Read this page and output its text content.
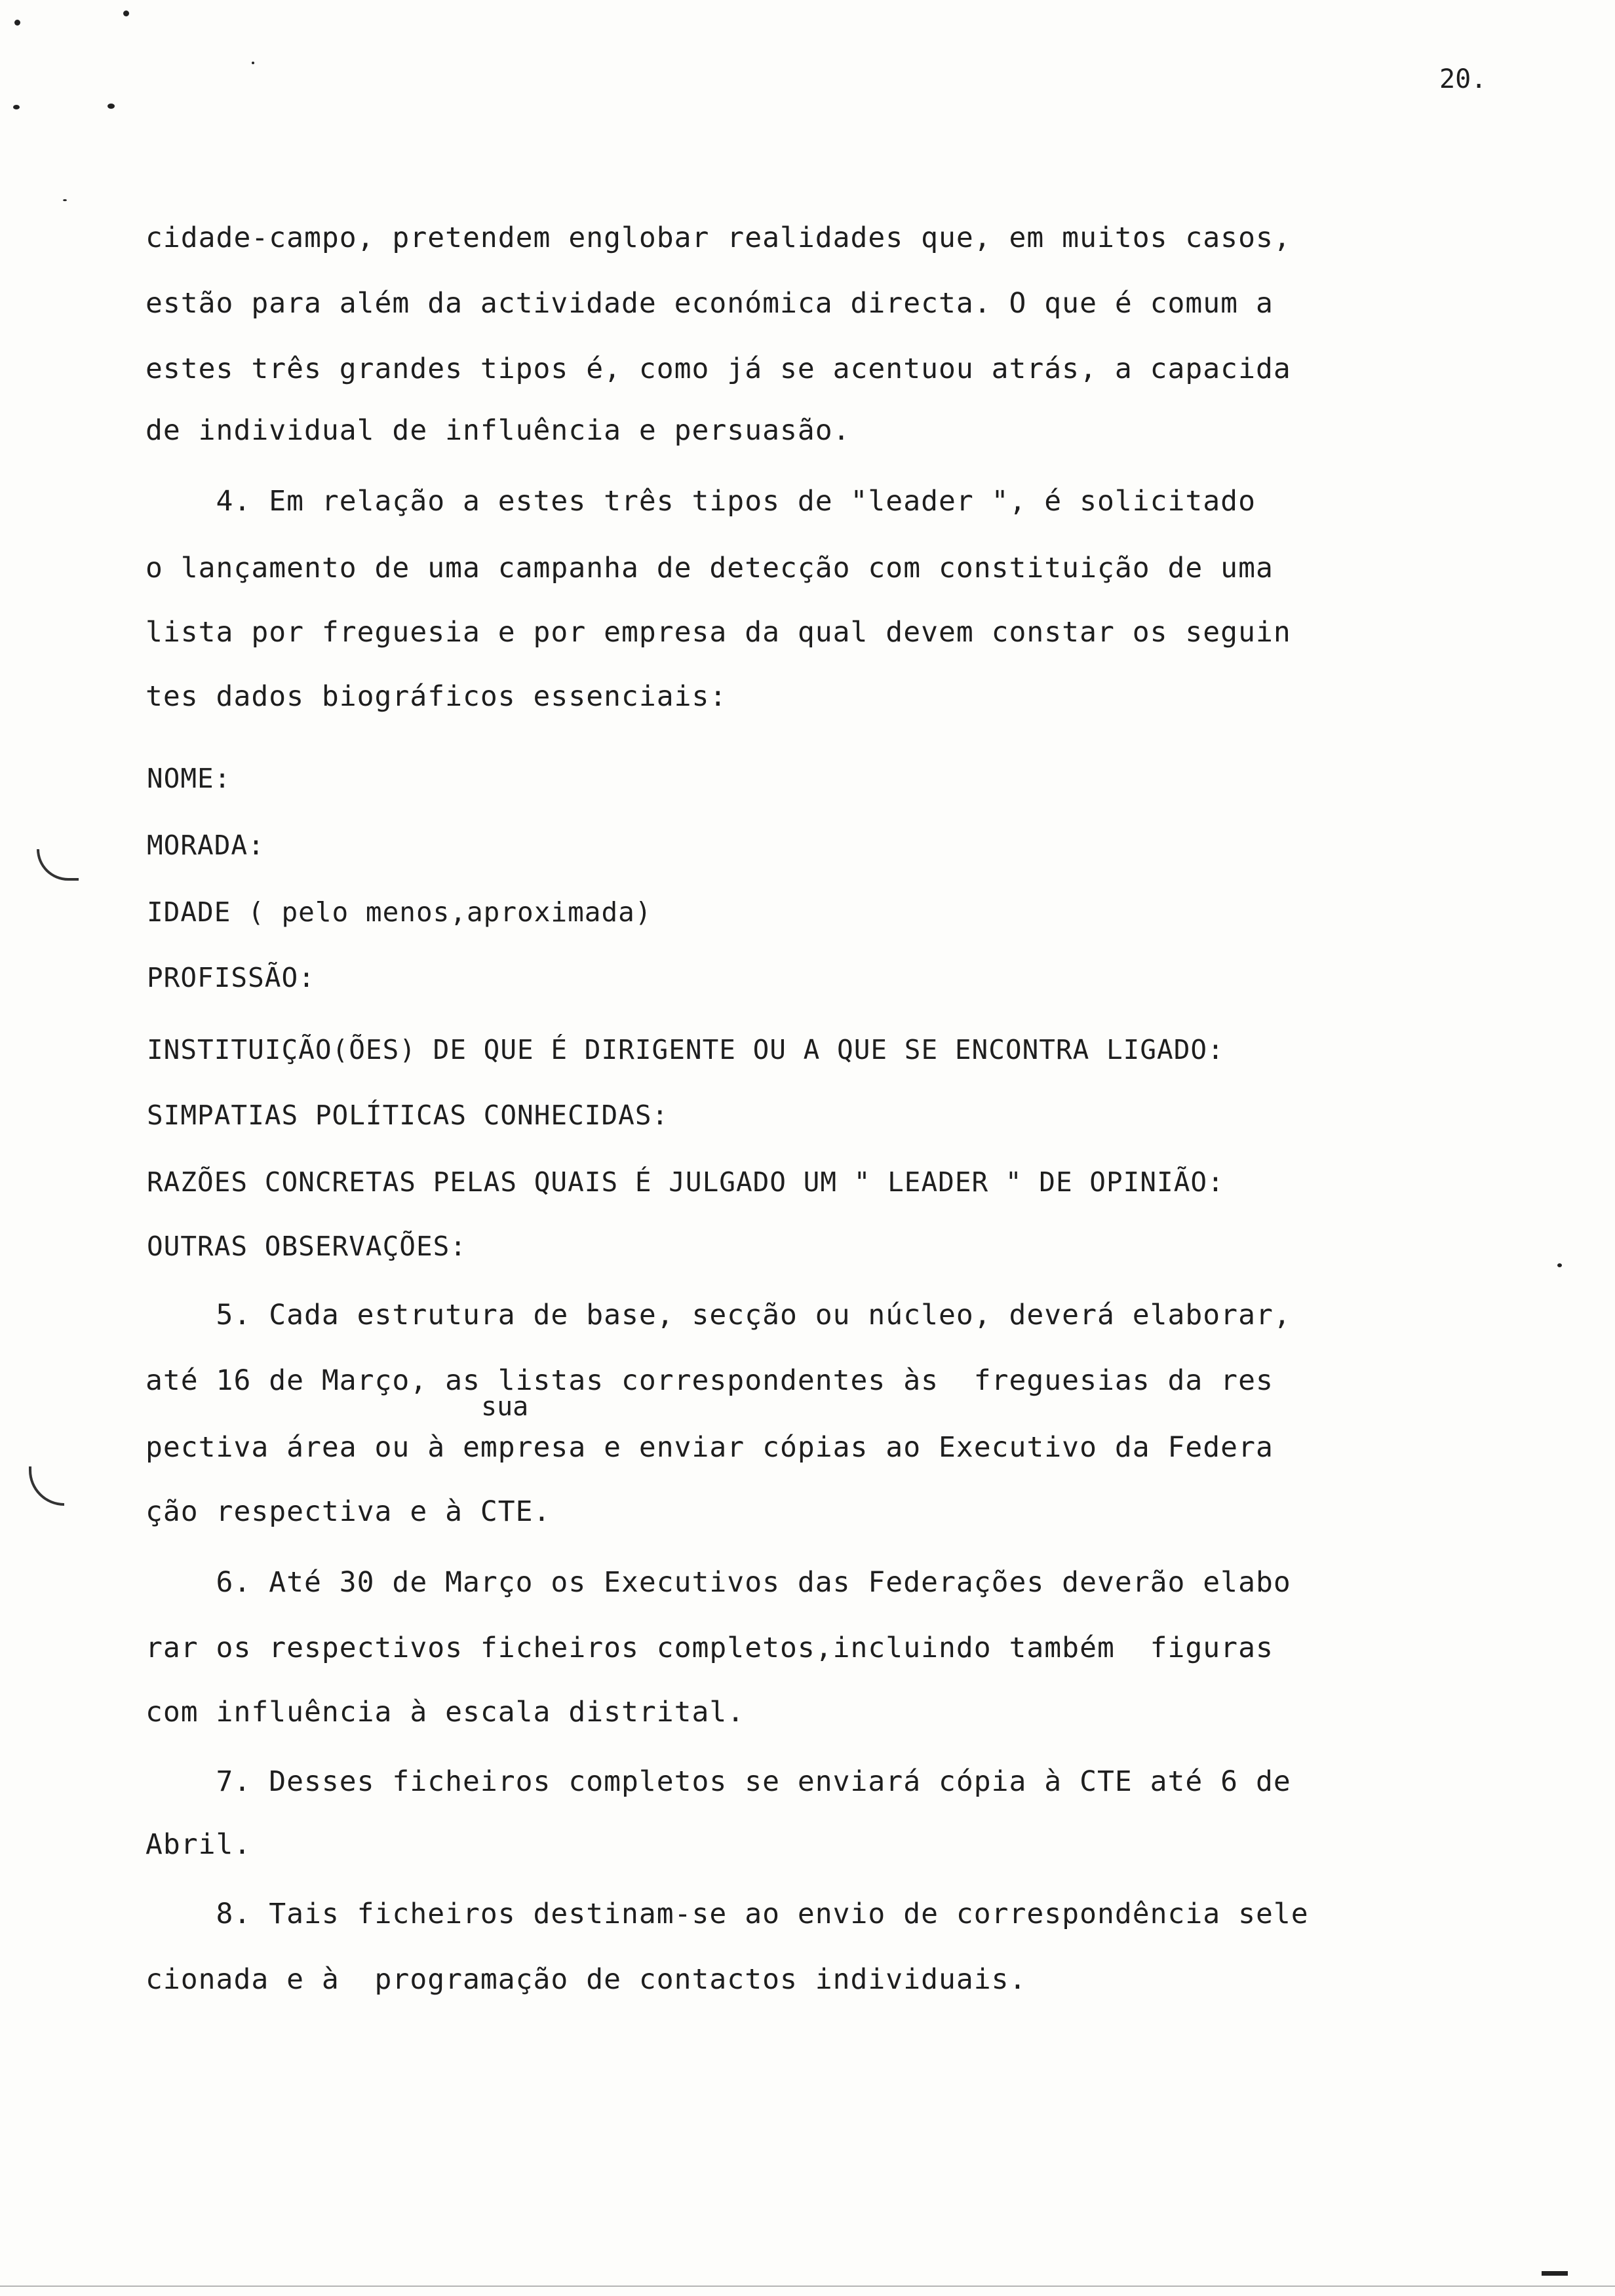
20.
cidade-campo, pretendem englobar realidades que, em muitos casos,
estão para além da actividade económica directa. O que é comum a
estes três grandes tipos é, como já se acentuou atrás, a capacida
de individual de influência e persuasão.
4. Em relação a estes três tipos de "leader ", é solicitado
o lançamento de uma campanha de detecção com constituição de uma
lista por freguesia e por empresa da qual devem constar os seguin
tes dados biográficos essenciais:
NOME:
MORADA:
IDADE ( pelo menos,aproximada)
PROFISSÃO:
INSTITUIÇÃO(ÕES) DE QUE É DIRIGENTE OU A QUE SE ENCONTRA LIGADO:
SIMPATIAS POLÍTICAS CONHECIDAS:
RAZÕES CONCRETAS PELAS QUAIS É JULGADO UM " LEADER " DE OPINIÃO:
OUTRAS OBSERVAÇÕES:
5. Cada estrutura de base, secção ou núcleo, deverá elaborar,
até 16 de Março, as listas correspondentes às  freguesias da res
sua
pectiva área ou à empresa e enviar cópias ao Executivo da Federa
ção respectiva e à CTE.
6. Até 30 de Março os Executivos das Federações deverão elabo
rar os respectivos ficheiros completos,incluindo também  figuras
com influência à escala distrital.
7. Desses ficheiros completos se enviará cópia à CTE até 6 de
Abril.
8. Tais ficheiros destinam-se ao envio de correspondência sele
cionada e à  programação de contactos individuais.
